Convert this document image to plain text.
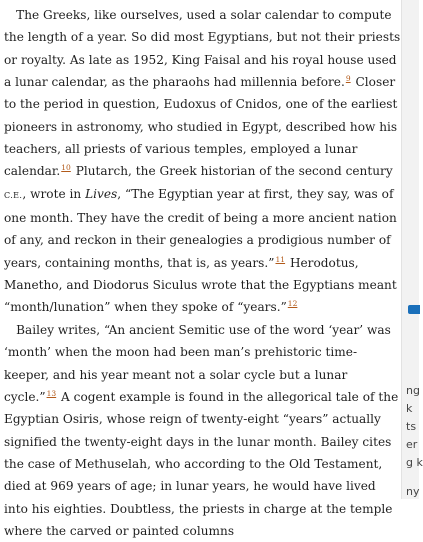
 The Greeks, like ourselves, used a solar calendar to compute the length of a year. So did most Egyptians, but not their priests or royalty. As late as 1952, King Faisal and his royal house used a lunar calendar, as the pharaohs had millennia before.$^9$ Closer to the period in question, Eudoxus of Cnidos, one of the earliest pioneers in astronomy, who studied in Egypt, described how his teachers, all priests of various temples, employed a lunar calendar.$^{10}$ Plutarch, the Greek historian of the second century C.E., wrote in Lives, “The Egyptian year at first, they say, was of one month. They have the credit of being a more ancient nation of any, and reckon in their genealogies a prodigious number of years, containing months, that is, as years.”$^{11}$ Herodotus, Manetho, and Diodorus Siculus wrote that the Egyptians meant “month/lunation” when they spoke of “years.”$^{12}$

 Bailey writes, “An ancient Semitic use of the word ‘year’ was ‘month’ when the moon had been man’s prehistoric time-keeper, and his year meant not a solar cycle but a lunar cycle.”$^{13}$ A cogent example is found in the allegorical tale of the Egyptian Osiris, whose reign of twenty-eight “years” actually signified the twenty-eight days in the lunar month. Bailey cites the case of Methuselah, who according to the Old Testament, died at 969 years of age; in lunar years, he would have lived into his eighties. Doubtless, the priests in charge at the temple where the carved or painted columns

ng
k
ts
er
g k
ny
